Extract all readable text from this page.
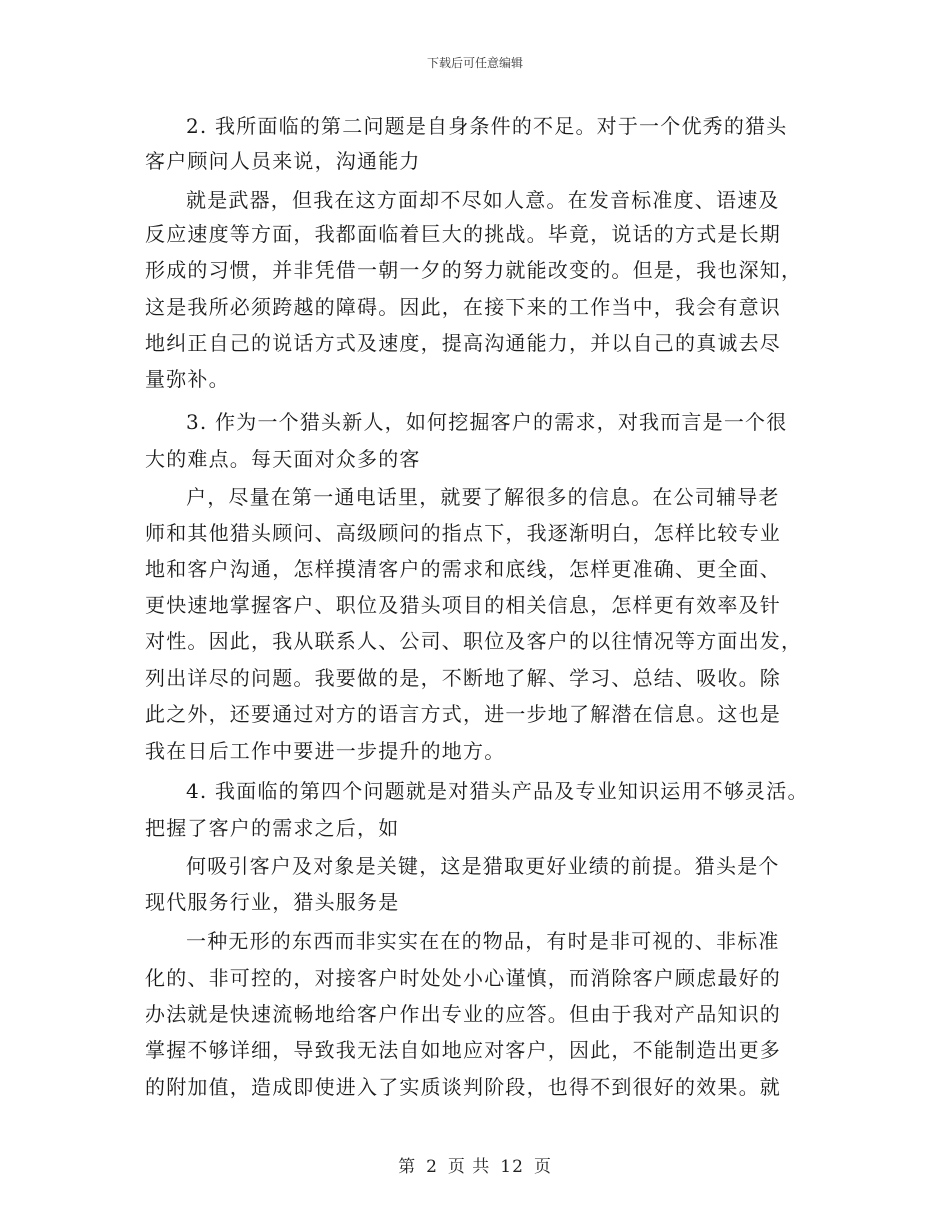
下载后可任意编辑
2. 我所面临的第二问题是自身条件的不足。对于一个优秀的猎头
客户顾问人员来说，沟通能力
就是武器，但我在这方面却不尽如人意。在发音标准度、语速及
反应速度等方面，我都面临着巨大的挑战。毕竟，说话的方式是长期
形成的习惯，并非凭借一朝一夕的努力就能改变的。但是，我也深知，
这是我所必须跨越的障碍。因此，在接下来的工作当中，我会有意识
地纠正自己的说话方式及速度，提高沟通能力，并以自己的真诚去尽
量弥补。
3. 作为一个猎头新人，如何挖掘客户的需求，对我而言是一个很
大的难点。每天面对众多的客
户，尽量在第一通电话里，就要了解很多的信息。在公司辅导老
师和其他猎头顾问、高级顾问的指点下，我逐渐明白，怎样比较专业
地和客户沟通，怎样摸清客户的需求和底线，怎样更准确、更全面、
更快速地掌握客户、职位及猎头项目的相关信息，怎样更有效率及针
对性。因此，我从联系人、公司、职位及客户的以往情况等方面出发，
列出详尽的问题。我要做的是，不断地了解、学习、总结、吸收。除
此之外，还要通过对方的语言方式，进一步地了解潜在信息。这也是
我在日后工作中要进一步提升的地方。
4. 我面临的第四个问题就是对猎头产品及专业知识运用不够灵活。
把握了客户的需求之后，如
何吸引客户及对象是关键，这是猎取更好业绩的前提。猎头是个
现代服务行业，猎头服务是
一种无形的东西而非实实在在的物品，有时是非可视的、非标准
化的、非可控的，对接客户时处处小心谨慎，而消除客户顾虑最好的
办法就是快速流畅地给客户作出专业的应答。但由于我对产品知识的
掌握不够详细，导致我无法自如地应对客户，因此，不能制造出更多
的附加值，造成即使进入了实质谈判阶段，也得不到很好的效果。就
第 2 页 共 12 页
